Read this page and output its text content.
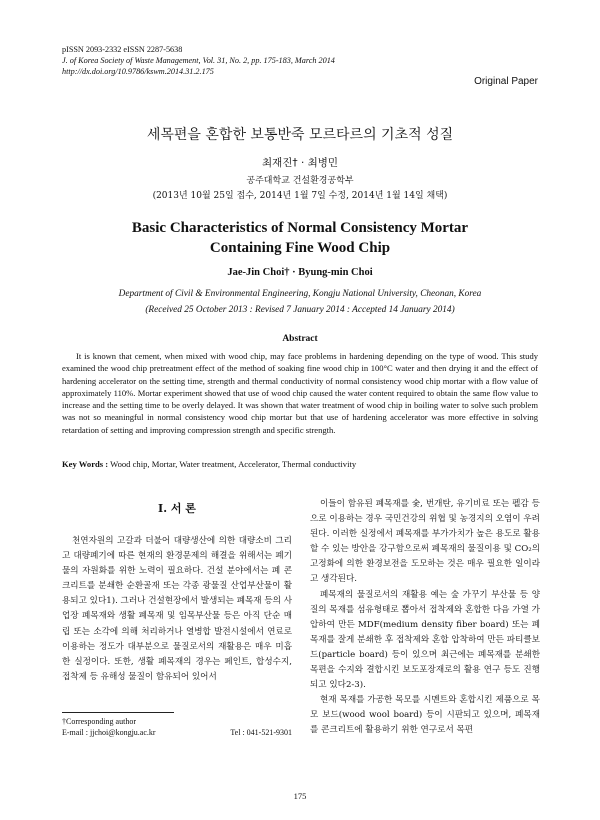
pISSN 2093-2332 eISSN 2287-5638
J. of Korea Society of Waste Management, Vol. 31, No. 2, pp. 175-183, March 2014
http://dx.doi.org/10.9786/kswm.2014.31.2.175
Original Paper
세목편을 혼합한 보통반죽 모르타르의 기초적 성질
최재진† · 최병민
공주대학교 건설환경공학부
(2013년 10월 25일 접수, 2014년 1월 7일 수정, 2014년 1월 14일 채택)
Basic Characteristics of Normal Consistency Mortar
Containing Fine Wood Chip
Jae-Jin Choi† · Byung-min Choi
Department of Civil & Environmental Engineering, Kongju National University, Cheonan, Korea
(Received 25 October 2013 : Revised 7 January 2014 : Accepted 14 January 2014)
Abstract
It is known that cement, when mixed with wood chip, may face problems in hardening depending on the type of wood. This study examined the wood chip pretreatment effect of the method of soaking fine wood chip in 100°C water and then drying it and the effect of hardening accelerator on the setting time, strength and thermal conductivity of normal consistency wood chip mortar with a flow value of approximately 110%. Mortar experiment showed that use of wood chip caused the water content required to obtain the same flow value to increase and the setting time to be overly delayed. It was shown that water treatment of wood chip in boiling water to solve such problem was not so meaningful in normal consistency wood chip mortar but that use of hardening accelerator was more effective in solving retardation of setting and improving compression strength and specific strength.
Key Words : Wood chip, Mortar, Water treatment, Accelerator, Thermal conductivity
I. 서 론

천연자원의 고갈과 더불어 대량생산에 의한 대량소비 그리고 대량폐기에 따른 현재의 환경문제의 해결을 위해서는 폐기물의 자원화를 위한 노력이 필요하다. 건설 분야에서는 폐 콘크리트를 분쇄한 순환골재 또는 각종 광물질 산업부산물이 활용되고 있다1). 그러나 건설현장에서 발생되는 폐목재 등의 사업장 폐목재와 생활 폐목재 및 임목부산물 등은 아직 단순 매립 또는 소각에 의해 처리하거나 열병합 발전시설에서 연료로 이용하는 정도가 대부분으로 물질로서의 재활용은 매우 미흡한 실정이다. 또한, 생활 폐목재의 경우는 페인트, 합성수지, 접착제 등 유해성 물질이 함유되어 있어서

이들이 함유된 폐목재를 숯, 번개탄, 유기비료 또는 펠감 등으로 이용하는 경우 국민건강의 위협 및 농경지의 오염이 우려된다. 이러한 실정에서 폐목재를 부가가치가 높은 용도로 활용할 수 있는 방안을 강구함으로써 폐목재의 물질이용 및 CO₂의 고정화에 의한 환경보전을 도모하는 것은 매우 필요한 일이라고 생각된다.

폐목재의 물질로서의 재활용 예는 숲 가꾸기 부산물 등 양질의 목재를 섬유형태로 뽑아서 접착제와 혼합한 다음 가열 가압하여 만든 MDF(medium density fiber board) 또는 폐목재를 잘게 분쇄한 후 접착제와 혼합 압착하여 만든 파티클보드(particle board) 등이 있으며 최근에는 폐목재를 분쇄한 목편을 수지와 결합시킨 보도포장재로의 활용 연구 등도 진행되고 있다2-3).

현재 목재를 가공한 목모를 시멘트와 혼합시킨 제품으로 목모 보드(wood wool board) 등이 시판되고 있으며, 폐목재를 콘크리트에 활용하기 위한 연구로서 목편

†Corresponding author
E-mail : jjchoi@kongju.ac.kr	Tel : 041-521-9301
175
